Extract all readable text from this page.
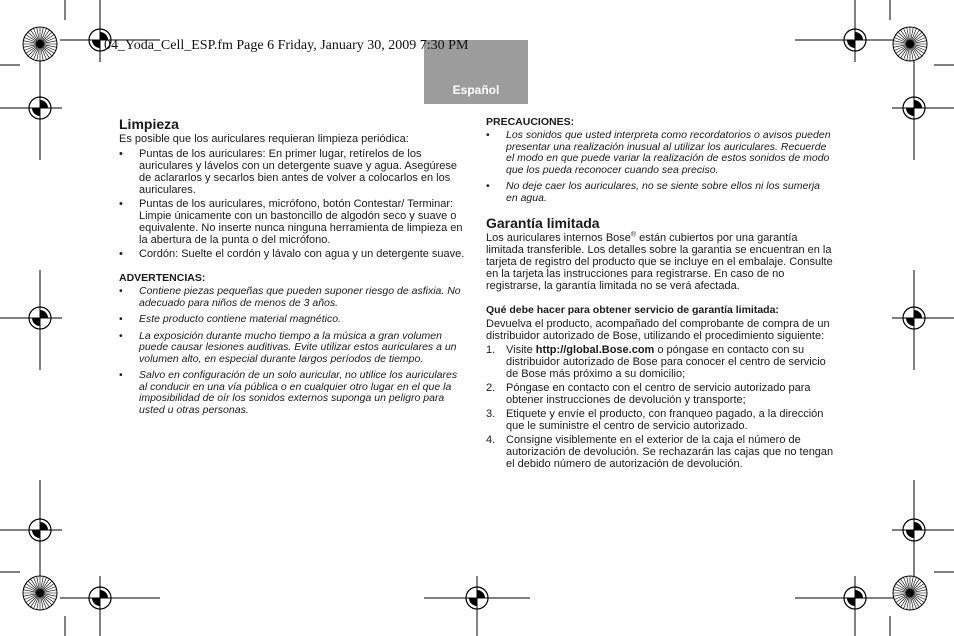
04_Yoda_Cell_ESP.fm Page 6 Friday, January 30, 2009 7:30 PM
Español
Limpieza

Es posible que los auriculares requieran limpieza periódica:

• Puntas de los auriculares: En primer lugar, retírelos de los auriculares y lávelos con un detergente suave y agua. Asegúrese de aclararlos y secarlos bien antes de volver a colocarlos en los auriculares.
• Puntas de los auriculares, micrófono, botón Contestar/ Terminar: Limpie únicamente con un bastoncillo de algodón seco y suave o equivalente. No inserte nunca ninguna herramienta de limpieza en la abertura de la punta o del micrófono.
• Cordón: Suelte el cordón y lávalo con agua y un detergente suave.
ADVERTENCIAS:
• Contiene piezas pequeñas que pueden suponer riesgo de asfixia. No adecuado para niños de menos de 3 años.
• Este producto contiene material magnético.
• La exposición durante mucho tiempo a la música a gran volumen puede causar lesiones auditivas. Evite utilizar estos auriculares a un volumen alto, en especial durante largos períodos de tiempo.
• Salvo en configuración de un solo auricular, no utilice los auriculares al conducir en una vía pública o en cualquier otro lugar en el que la imposibilidad de oír los sonidos externos suponga un peligro para usted u otras personas.
PRECAUCIONES:
• Los sonidos que usted interpreta como recordatorios o avisos pueden presentar una realización inusual al utilizar los auriculares. Recuerde el modo en que puede variar la realización de estos sonidos de modo que los pueda reconocer cuando sea preciso.
• No deje caer los auriculares, no se siente sobre ellos ni los sumerja en agua.
Garantía limitada

Los auriculares internos Bose® están cubiertos por una garantía limitada transferible. Los detalles sobre la garantía se encuentran en la tarjeta de registro del producto que se incluye en el embalaje. Consulte en la tarjeta las instrucciones para registrarse. En caso de no registrarse, la garantía limitada no se verá afectada.

Qué debe hacer para obtener servicio de garantía limitada:

Devuelva el producto, acompañado del comprobante de compra de un distribuidor autorizado de Bose, utilizando el procedimiento siguiente:

1. Visite http://global.Bose.com o póngase en contacto con su distribuidor autorizado de Bose para conocer el centro de servicio de Bose más próximo a su domicilio;
2. Póngase en contacto con el centro de servicio autorizado para obtener instrucciones de devolución y transporte;
3. Etiquete y envíe el producto, con franqueo pagado, a la dirección que le suministre el centro de servicio autorizado.
4. Consigne visiblemente en el exterior de la caja el número de autorización de devolución. Se rechazarán las cajas que no tengan el debido número de autorización de devolución.
